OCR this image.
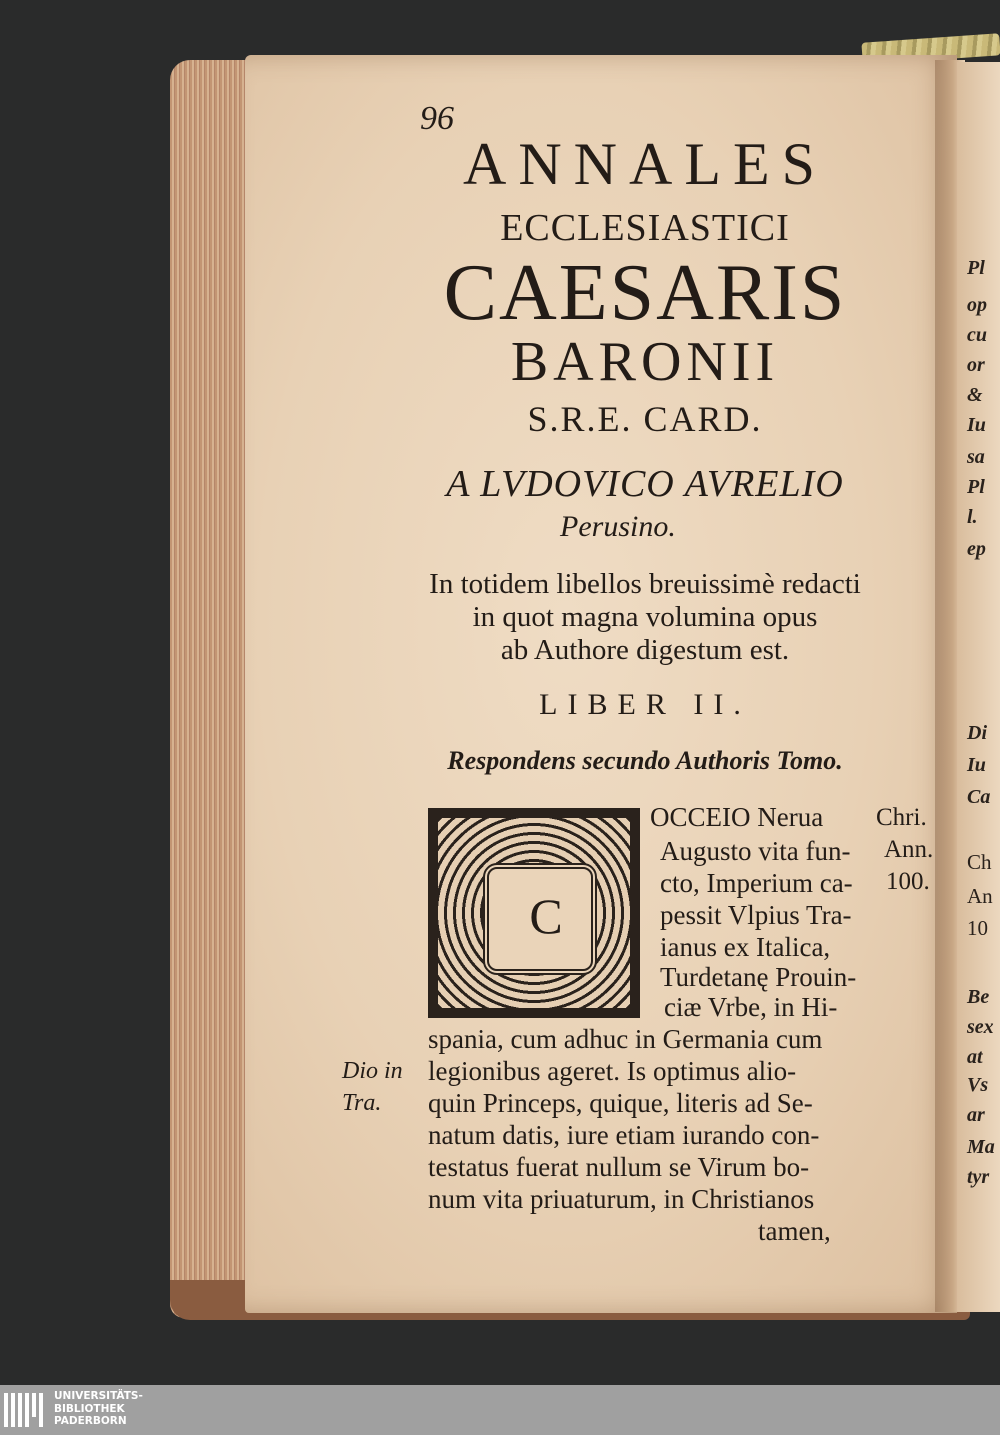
Pl
op
cu
or
&
Iu
sa
Pl
l.
ep
Di
Iu
Ca
Ch
An
10
Be
sex
at
Vs
ar
Ma
tyr
96
ANNALES
ECCLESIASTICI
CAESARIS
BARONII
S.R.E. CARD.
A LVDOVICO AVRELIO
Perusino.
In totidem libellos breuissimè redacti
in quot magna volumina opus
ab Authore digestum est.
LIBER II.
Respondens secundo Authoris Tomo.
C
OCCEIO Nerua
Augusto vita fun-
cto, Imperium ca-
pessit Vlpius Tra-
ianus ex Italica,
Turdetanę Prouin-
ciæ Vrbe, in Hi-
spania, cum adhuc in Germania cum
legionibus ageret. Is optimus alio-
quin Princeps, quique, literis ad Se-
natum datis, iure etiam iurando con-
testatus fuerat nullum se Virum bo-
num vita priuaturum, in Christianos
tamen,
Chri.
Ann.
100.
Dio in
Tra.
UNIVERSITÄTS-
BIBLIOTHEK
PADERBORN
